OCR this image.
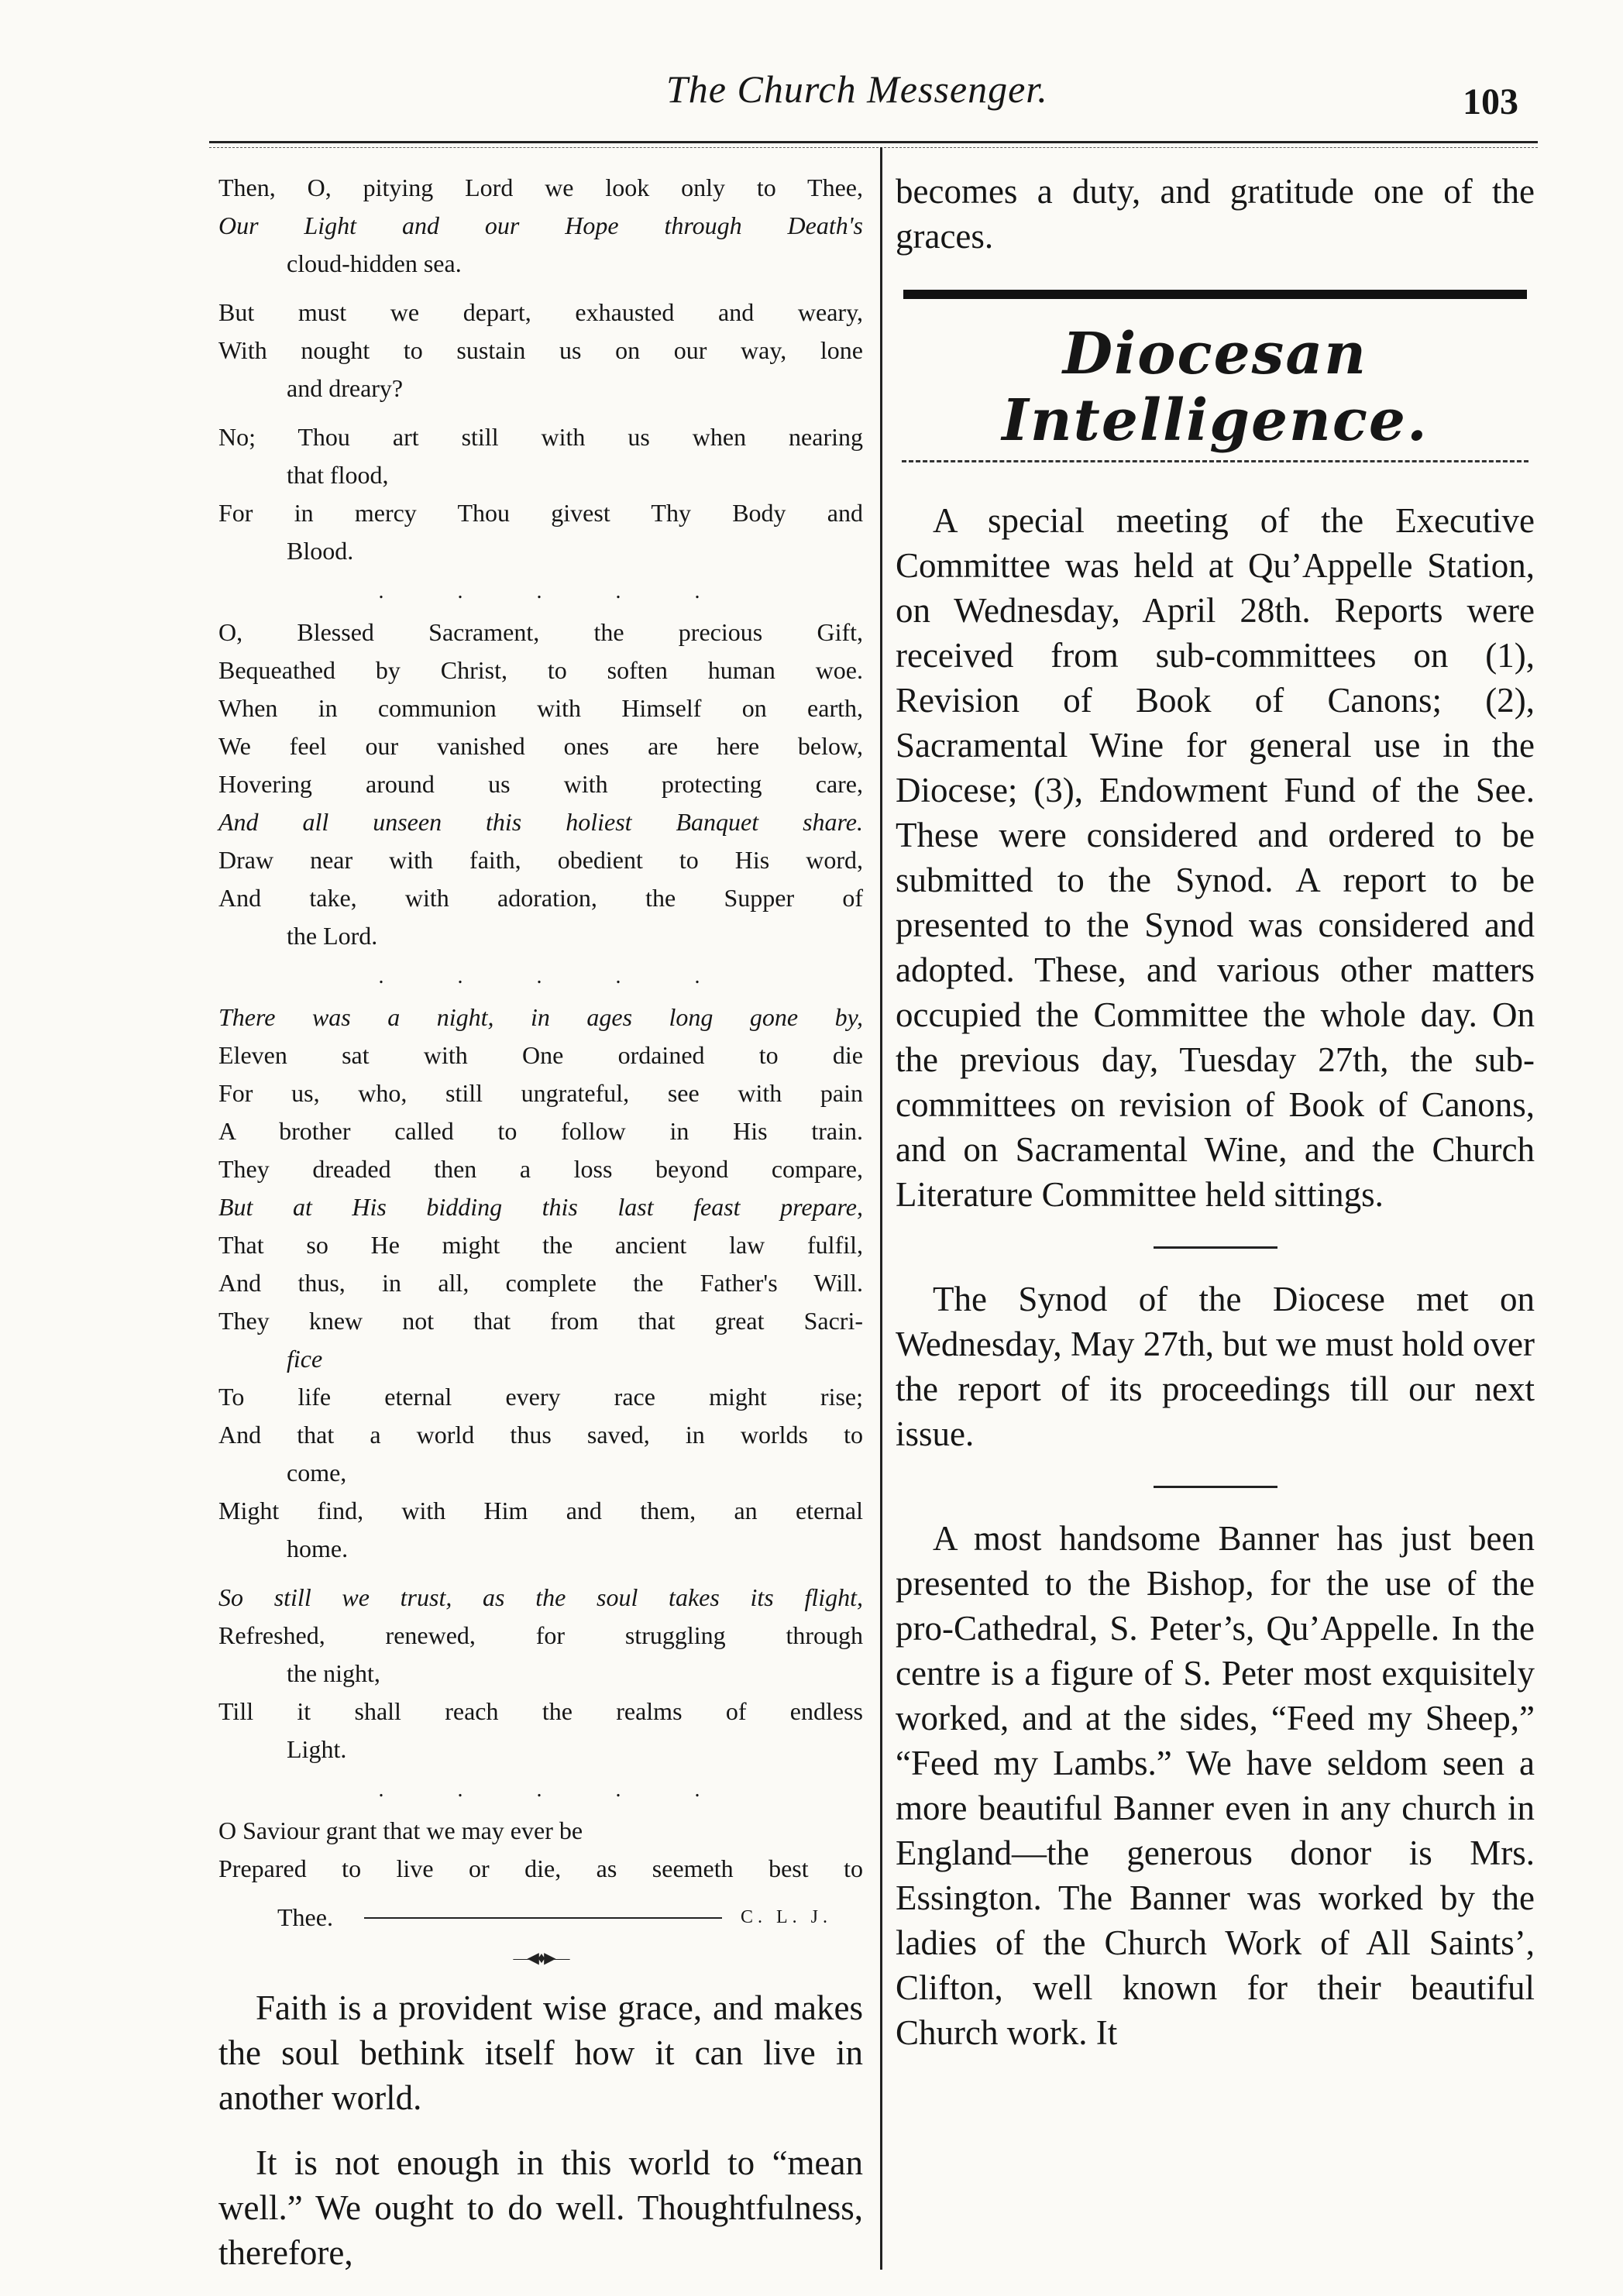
The Church Messenger.	103

Then, O, pitying Lord we look only to Thee,

Our Light and our Hope through Death's

cloud-hidden sea.

But must we depart, exhausted and weary,

With nought to sustain us on our way, lone

and dreary?

No; Thou art still with us when nearing

that flood,

For in mercy Thou givest Thy Body and

Blood.

. . . . .

O, Blessed Sacrament, the precious Gift,

Bequeathed by Christ, to soften human woe.

When in communion with Himself on earth,

We feel our vanished ones are here below,

Hovering around us with protecting care,

And all unseen this holiest Banquet share.

Draw near with faith, obedient to His word,

And take, with adoration, the Supper of

the Lord.

. . . . .

There was a night, in ages long gone by,

Eleven sat with One ordained to die

For us, who, still ungrateful, see with pain

A brother called to follow in His train.

They dreaded then a loss beyond compare,

But at His bidding this last feast prepare,

That so He might the ancient law fulfil,

And thus, in all, complete the Father's Will.

They knew not that from that great Sacri-

fice

To life eternal every race might rise;

And that a world thus saved, in worlds to

come,

Might find, with Him and them, an eternal

home.

So still we trust, as the soul takes its flight,

Refreshed, renewed, for struggling through

the night,

Till it shall reach the realms of endless

Light.

. . . . .

O Saviour grant that we may ever be

Prepared to live or die, as seemeth best to

Thee.	C. L. J.
—◀♦▶—

Faith is a provident wise grace, and makes the soul bethink itself how it can live in another world.

It is not enough in this world to “mean well.” We ought to do well. Thoughtfulness, therefore,

becomes a duty, and gratitude one of the graces.

Diocesan Intelligence.

A special meeting of the Executive Committee was held at Qu’Appelle Station, on Wednesday, April 28th. Reports were received from sub-committees on (1), Revision of Book of Canons; (2), Sacramental Wine for general use in the Diocese; (3), Endowment Fund of the See. These were considered and ordered to be submitted to the Synod. A report to be presented to the Synod was considered and adopted. These, and various other matters occupied the Committee the whole day. On the previous day, Tuesday 27th, the sub-committees on revision of Book of Canons, and on Sacramental Wine, and the Church Literature Committee held sittings.

The Synod of the Diocese met on Wednesday, May 27th, but we must hold over the report of its proceedings till our next issue.

A most handsome Banner has just been presented to the Bishop, for the use of the pro-Cathedral, S. Peter’s, Qu’Appelle. In the centre is a figure of S. Peter most exquisitely worked, and at the sides, “Feed my Sheep,” “Feed my Lambs.” We have seldom seen a more beautiful Banner even in any church in England—the generous donor is Mrs. Essington. The Banner was worked by the ladies of the Church Work of All Saints’, Clifton, well known for their beautiful Church work. It
